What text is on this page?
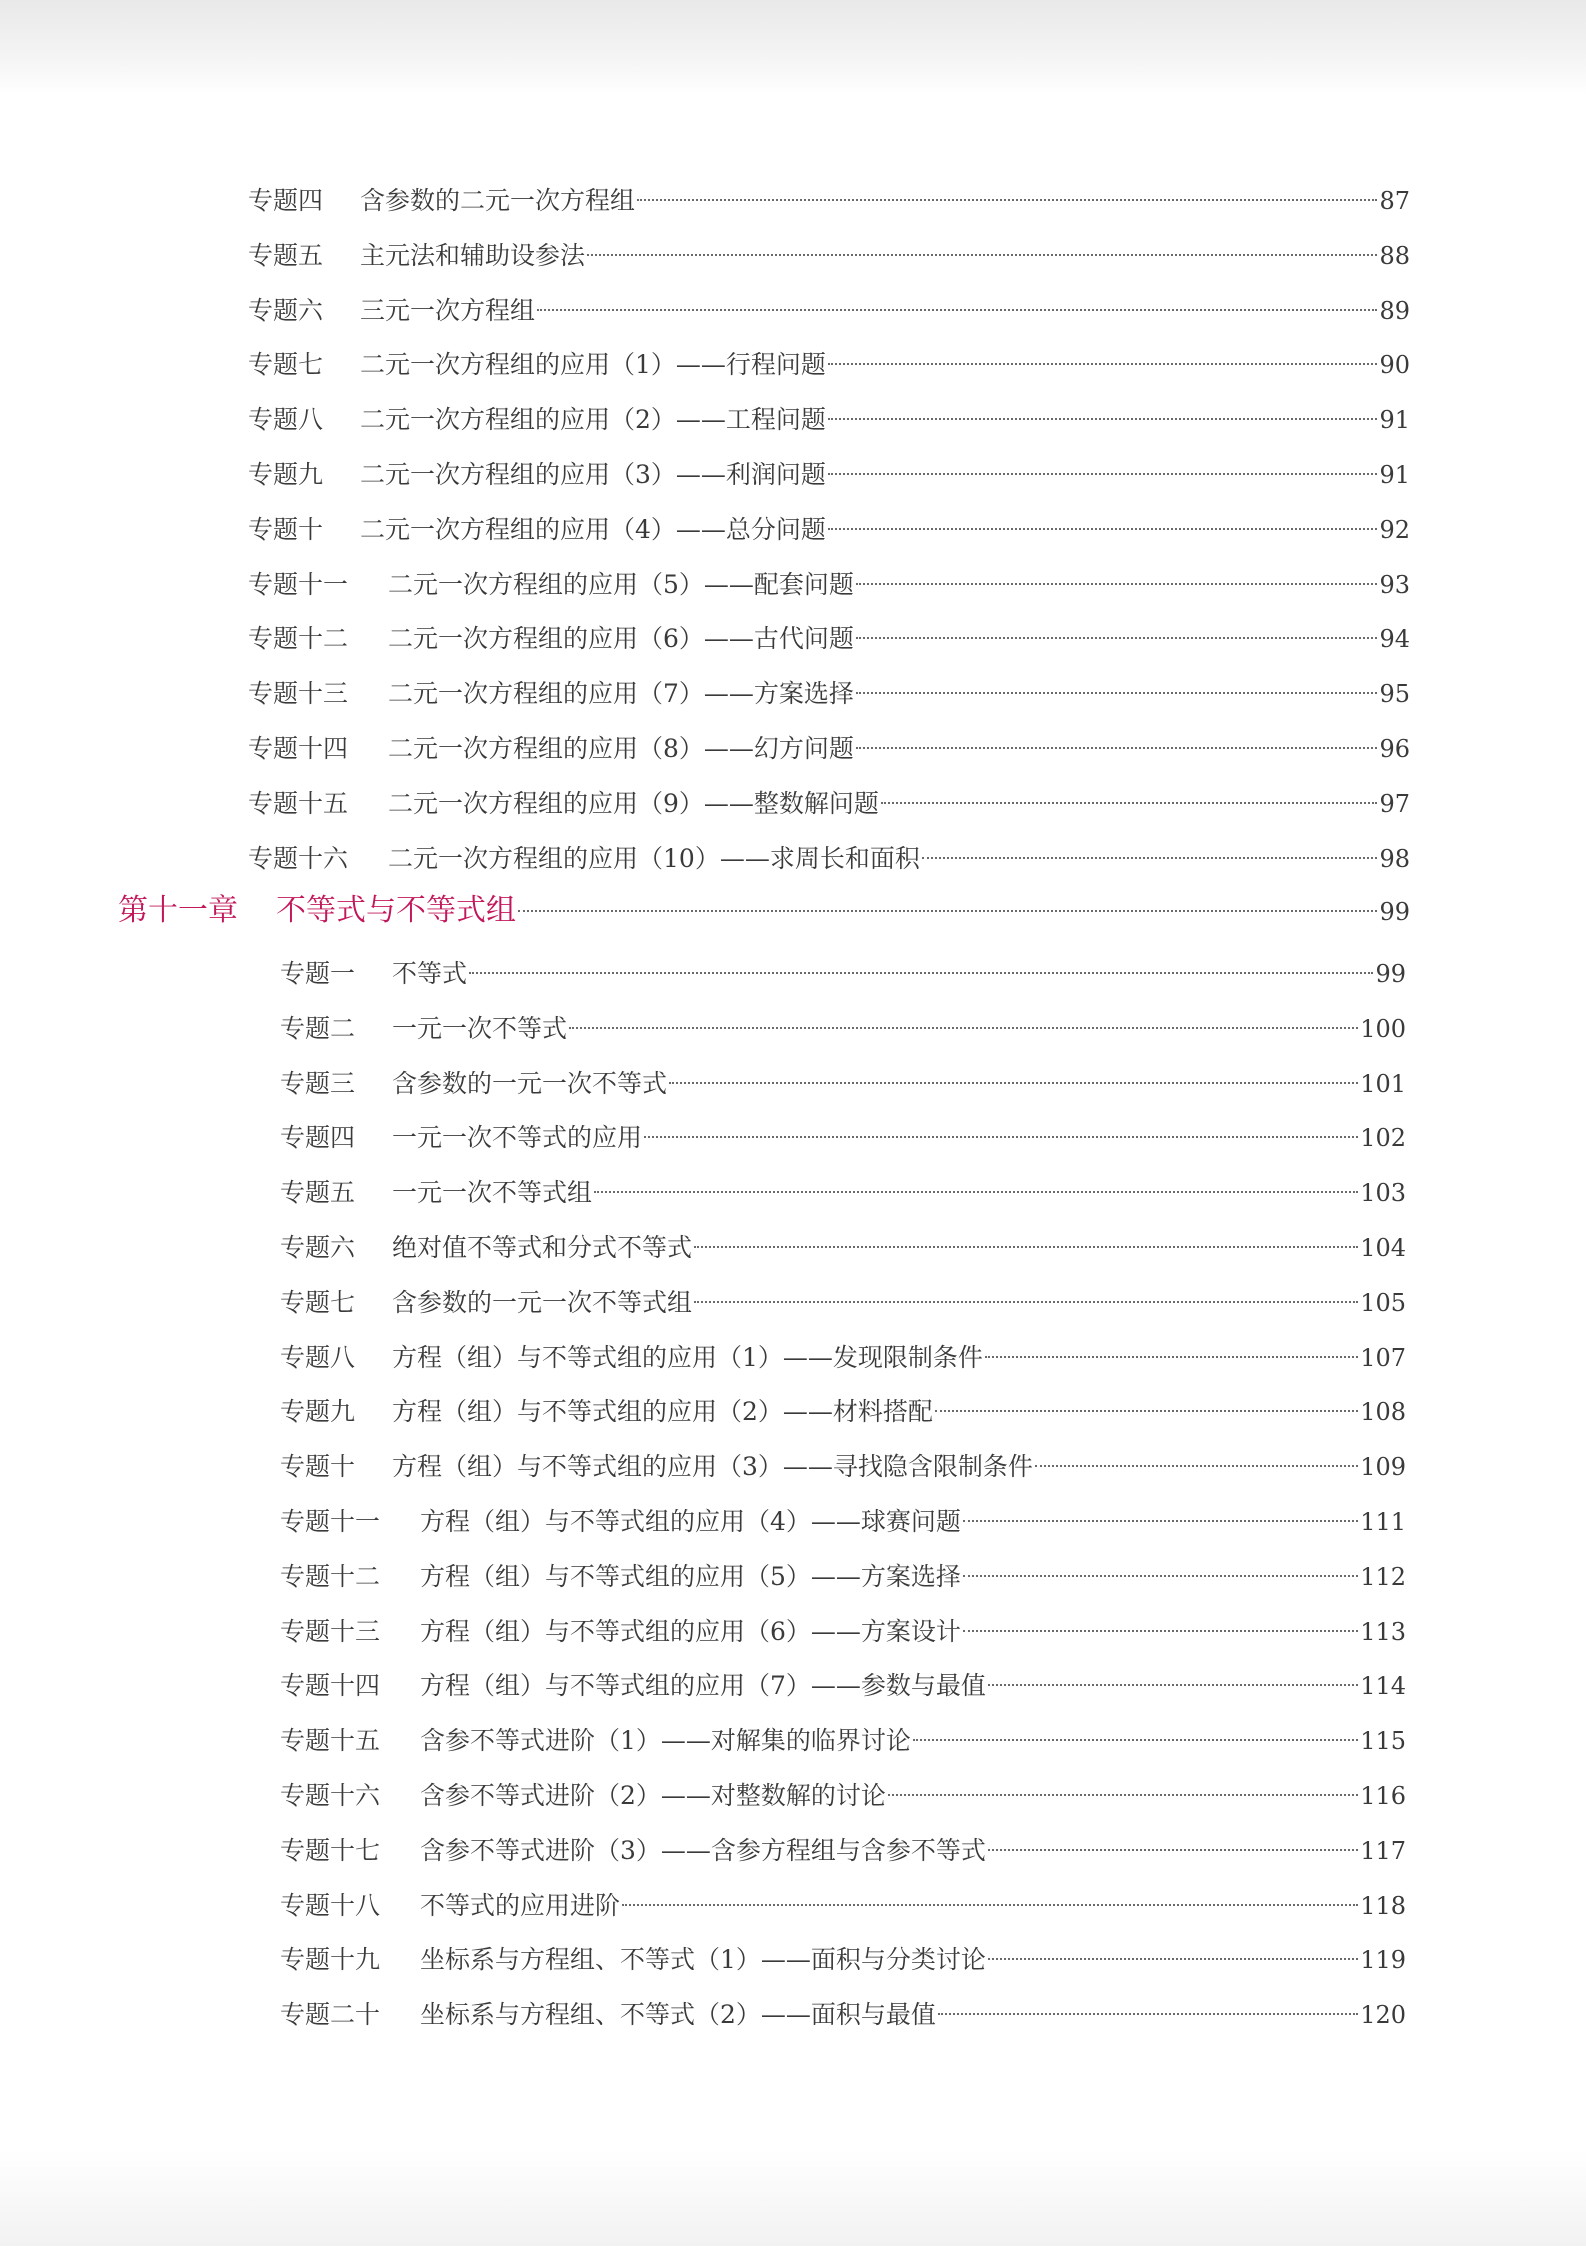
专题四	含参数的二元一次方程组	87
专题五	主元法和辅助设参法	88
专题六	三元一次方程组	89
专题七	二元一次方程组的应用（1）——行程问题	90
专题八	二元一次方程组的应用（2）——工程问题	91
专题九	二元一次方程组的应用（3）——利润问题	91
专题十	二元一次方程组的应用（4）——总分问题	92
专题十一	二元一次方程组的应用（5）——配套问题	93
专题十二	二元一次方程组的应用（6）——古代问题	94
专题十三	二元一次方程组的应用（7）——方案选择	95
专题十四	二元一次方程组的应用（8）——幻方问题	96
专题十五	二元一次方程组的应用（9）——整数解问题	97
专题十六	二元一次方程组的应用（10）——求周长和面积	98
第十一章	不等式与不等式组	99
专题一	不等式	99
专题二	一元一次不等式	100
专题三	含参数的一元一次不等式	101
专题四	一元一次不等式的应用	102
专题五	一元一次不等式组	103
专题六	绝对值不等式和分式不等式	104
专题七	含参数的一元一次不等式组	105
专题八	方程（组）与不等式组的应用（1）——发现限制条件	107
专题九	方程（组）与不等式组的应用（2）——材料搭配	108
专题十	方程（组）与不等式组的应用（3）——寻找隐含限制条件	109
专题十一	方程（组）与不等式组的应用（4）——球赛问题	111
专题十二	方程（组）与不等式组的应用（5）——方案选择	112
专题十三	方程（组）与不等式组的应用（6）——方案设计	113
专题十四	方程（组）与不等式组的应用（7）——参数与最值	114
专题十五	含参不等式进阶（1）——对解集的临界讨论	115
专题十六	含参不等式进阶（2）——对整数解的讨论	116
专题十七	含参不等式进阶（3）——含参方程组与含参不等式	117
专题十八	不等式的应用进阶	118
专题十九	坐标系与方程组、不等式（1）——面积与分类讨论	119
专题二十	坐标系与方程组、不等式（2）——面积与最值	120
